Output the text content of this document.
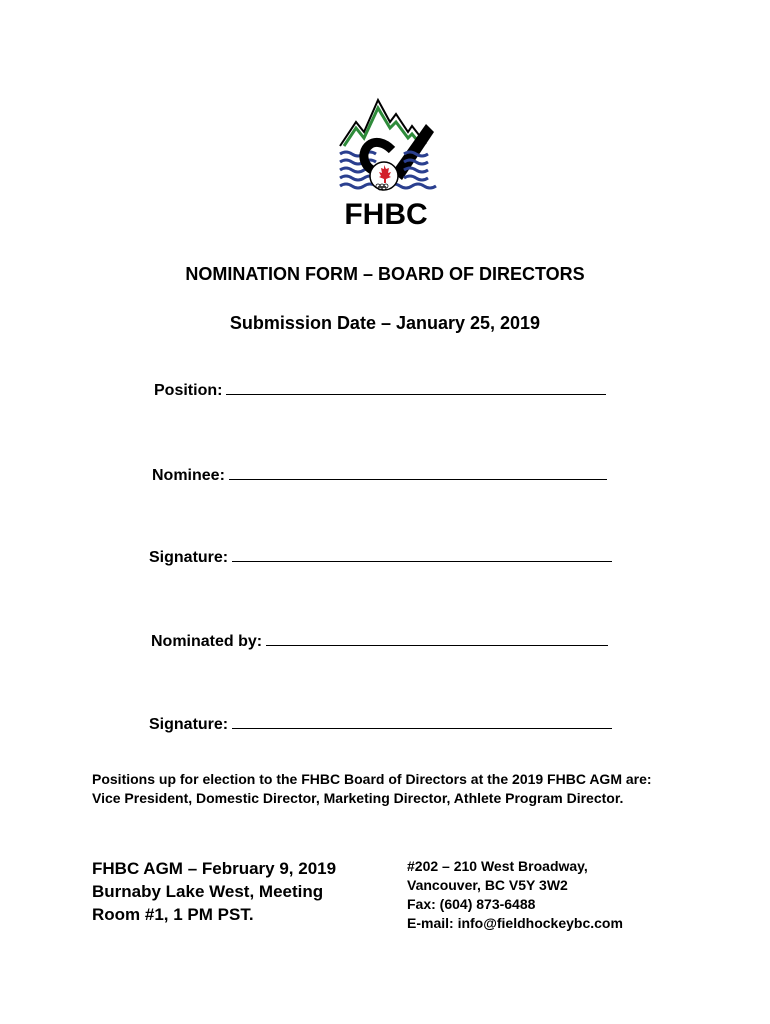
FHBC
NOMINATION FORM – BOARD OF DIRECTORS
Submission Date – January 25, 2019
Position:
Nominee:
Signature:
Nominated by:
Signature:
Positions up for election to the FHBC Board of Directors at the 2019 FHBC AGM are: Vice President, Domestic Director, Marketing Director, Athlete Program Director.
FHBC AGM – February 9, 2019
Burnaby Lake West, Meeting
Room #1, 1 PM PST.
#202 – 210 West Broadway,
Vancouver, BC V5Y 3W2
Fax: (604) 873-6488
E-mail: info@fieldhockeybc.com
